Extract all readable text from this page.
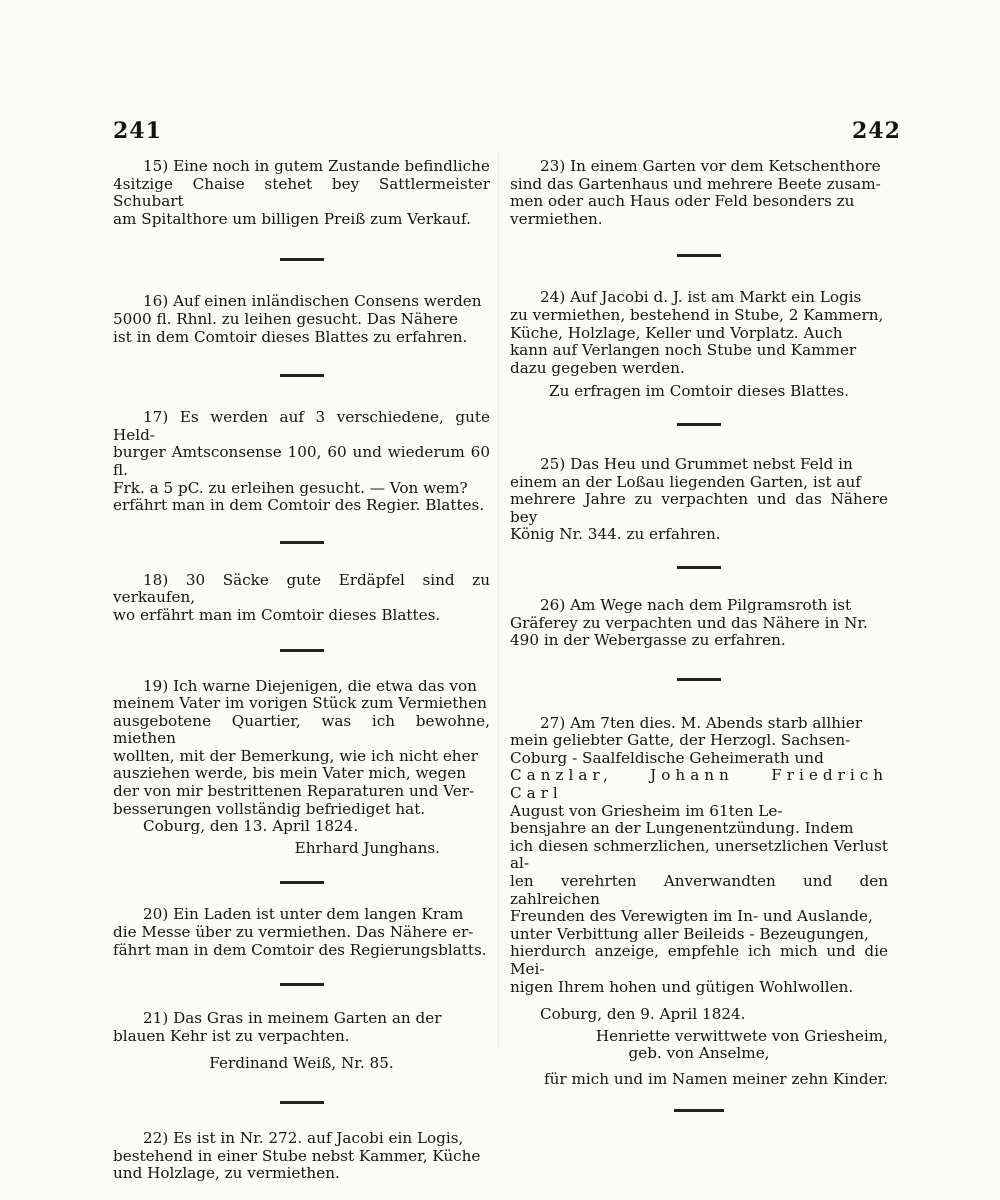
241	242

15) Eine noch in gutem Zustande befindliche

4sitzige Chaise stehet bey Sattlermeister Schubart

am Spitalthore um billigen Preiß zum Verkauf.

16) Auf einen inländischen Consens werden

5000 fl. Rhnl. zu leihen gesucht. Das Nähere

ist in dem Comtoir dieses Blattes zu erfahren.

17) Es werden auf 3 verschiedene, gute Held-

burger Amtsconsense 100, 60 und wiederum 60 fl.

Frk. a 5 pC. zu erleihen gesucht. — Von wem?

erfährt man in dem Comtoir des Regier. Blattes.

18) 30 Säcke gute Erdäpfel sind zu verkaufen,

wo erfährt man im Comtoir dieses Blattes.

19) Ich warne Diejenigen, die etwa das von

meinem Vater im vorigen Stück zum Vermiethen

ausgebotene Quartier, was ich bewohne, miethen

wollten, mit der Bemerkung, wie ich nicht eher

ausziehen werde, bis mein Vater mich, wegen

der von mir bestrittenen Reparaturen und Ver-

besserungen vollständig befriediget hat.

Coburg, den 13. April 1824.

Ehrhard Junghans.

20) Ein Laden ist unter dem langen Kram

die Messe über zu vermiethen. Das Nähere er-

fährt man in dem Comtoir des Regierungsblatts.

21) Das Gras in meinem Garten an der

blauen Kehr ist zu verpachten.

Ferdinand Weiß, Nr. 85.

22) Es ist in Nr. 272. auf Jacobi ein Logis,

bestehend in einer Stube nebst Kammer, Küche

und Holzlage, zu vermiethen.

23) In einem Garten vor dem Ketschenthore

sind das Gartenhaus und mehrere Beete zusam-

men oder auch Haus oder Feld besonders zu

vermiethen.

24) Auf Jacobi d. J. ist am Markt ein Logis

zu vermiethen, bestehend in Stube, 2 Kammern,

Küche, Holzlage, Keller und Vorplatz. Auch

kann auf Verlangen noch Stube und Kammer

dazu gegeben werden.

Zu erfragen im Comtoir dieses Blattes.

25) Das Heu und Grummet nebst Feld in

einem an der Loßau liegenden Garten, ist auf

mehrere Jahre zu verpachten und das Nähere bey

König Nr. 344. zu erfahren.

26) Am Wege nach dem Pilgramsroth ist

Gräferey zu verpachten und das Nähere in Nr.

490 in der Webergasse zu erfahren.

27) Am 7ten dies. M. Abends starb allhier

mein geliebter Gatte, der Herzogl. Sachsen-

Coburg - Saalfeldische Geheimerath und

Canzlar, Johann Friedrich Carl

August von Griesheim im 61ten Le-

bensjahre an der Lungenentzündung. Indem

ich diesen schmerzlichen, unersetzlichen Verlust al-

len verehrten Anverwandten und den zahlreichen

Freunden des Verewigten im In- und Auslande,

unter Verbittung aller Beileids - Bezeugungen,

hierdurch anzeige, empfehle ich mich und die Mei-

nigen Ihrem hohen und gütigen Wohlwollen.

Coburg, den 9. April 1824.

Henriette verwittwete von Griesheim,

geb. von Anselme,

für mich und im Namen meiner zehn Kinder.
